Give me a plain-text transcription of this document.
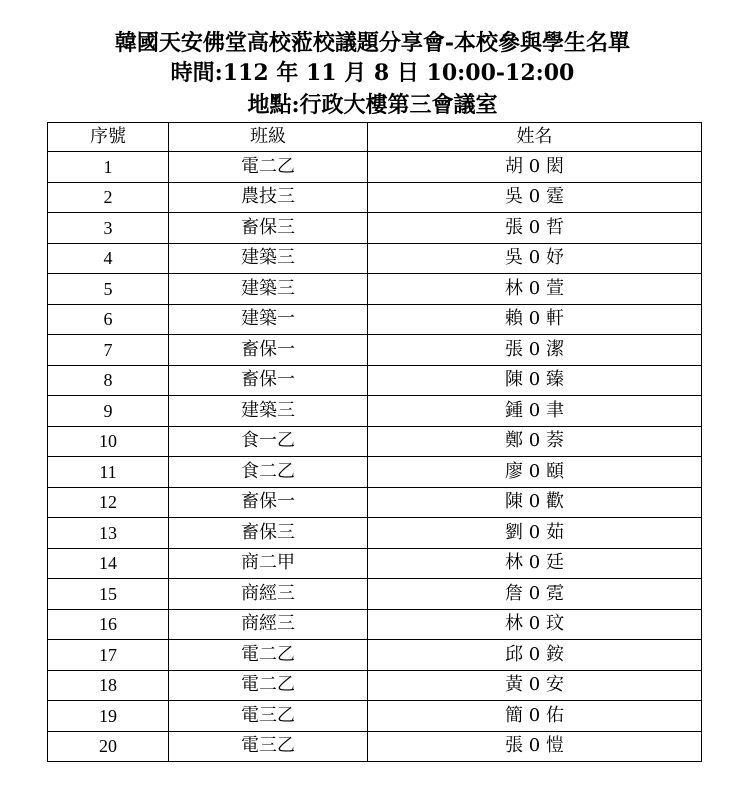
韓國天安佛堂高校蒞校議題分享會-本校參與學生名單
時間:112 年 11 月 8 日 10:00-12:00
地點:行政大樓第三會議室
序號	班級	姓名
1	電二乙	胡 0 閎
2	農技三	吳 0 霆
3	畜保三	張 0 哲
4	建築三	吳 0 妤
5	建築三	林 0 萱
6	建築一	賴 0 軒
7	畜保一	張 0 潔
8	畜保一	陳 0 臻
9	建築三	鍾 0 聿
10	食一乙	鄭 0 萘
11	食二乙	廖 0 頤
12	畜保一	陳 0 歡
13	畜保三	劉 0 茹
14	商二甲	林 0 廷
15	商經三	詹 0 霓
16	商經三	林 0 玟
17	電二乙	邱 0 銨
18	電二乙	黃 0 安
19	電三乙	簡 0 佑
20	電三乙	張 0 愷
